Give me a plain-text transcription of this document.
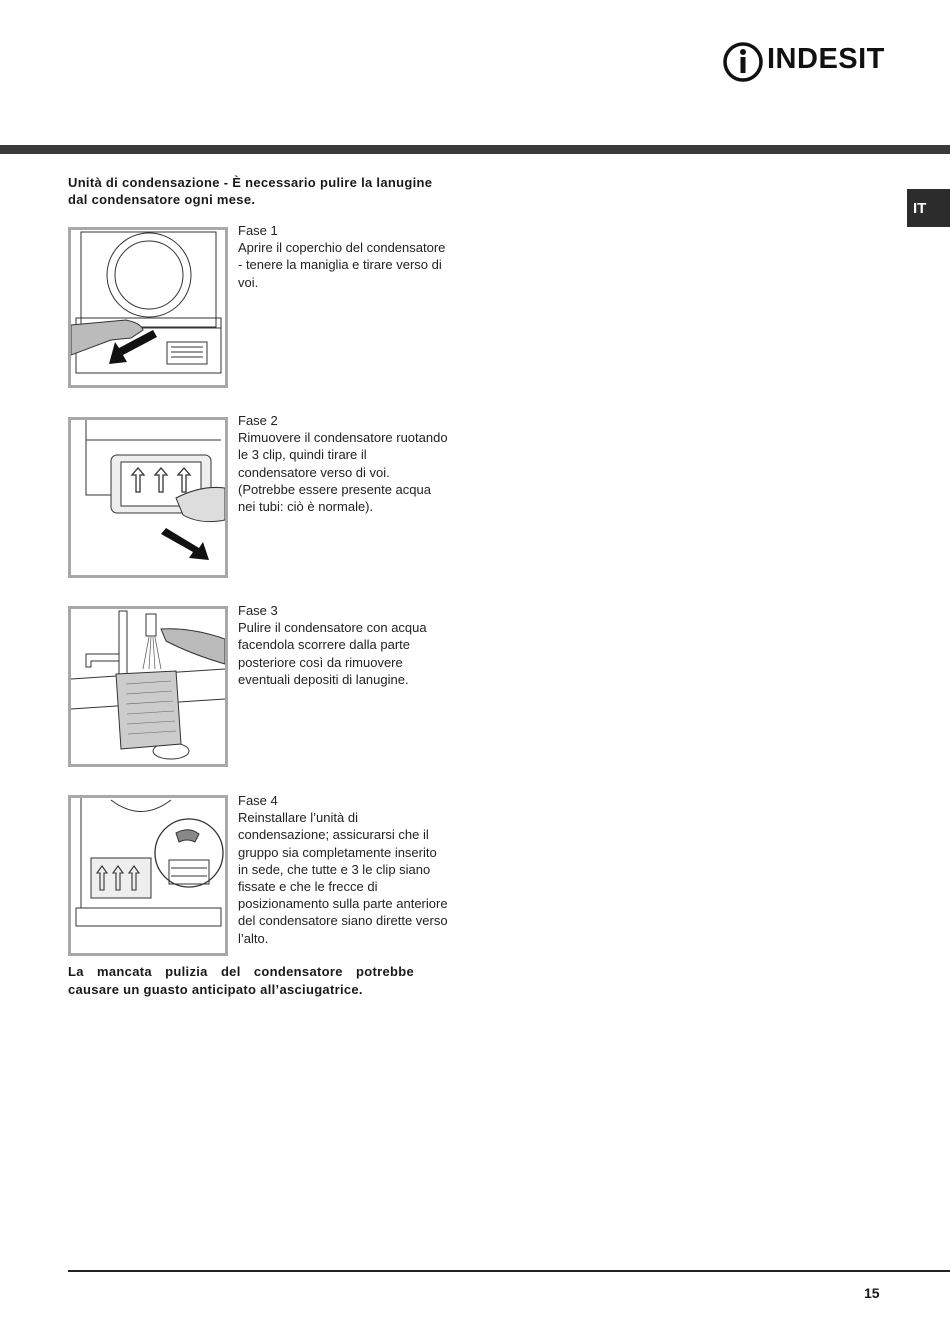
INDESIT
IT
Unità di condensazione - È necessario pulire la lanugine dal condensatore ogni mese.
Fase 1
Aprire il coperchio del condensatore
- tenere la maniglia e tirare verso di voi.
Fase 2
Rimuovere il condensatore ruotando le 3 clip, quindi tirare il condensatore verso di voi. (Potrebbe essere presente acqua nei tubi: ciò è normale).
Fase 3
Pulire il condensatore con acqua facendola scorrere dalla parte posteriore così da rimuovere eventuali depositi di lanugine.
Fase 4
Reinstallare l’unità di condensazione; assicurarsi che il gruppo sia completamente inserito in sede, che tutte e 3 le clip siano fissate e che le frecce di posizionamento sulla parte anteriore del condensatore siano dirette verso l’alto.
La mancata pulizia del condensatore potrebbe causare un guasto anticipato all’asciugatrice.
15
